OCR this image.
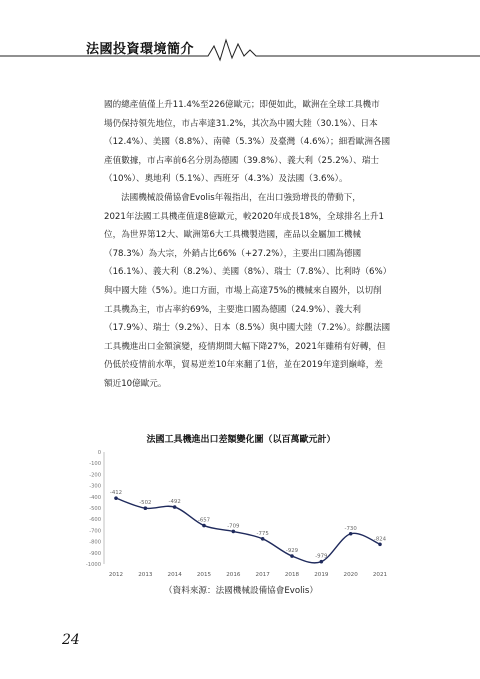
法國投資環境簡介

國的總產值僅上升11.4%至226億歐元；即便如此，歐洲在全球工具機市
場仍保持領先地位，市占率達31.2%，其次為中國大陸（30.1%）、日本
（12.4%）、美國（8.8%）、南韓（5.3%）及臺灣（4.6%）；細看歐洲各國
產值數據，市占率前6名分別為德國（39.8%）、義大利（25.2%）、瑞士
（10%）、奧地利（5.1%）、西班牙（4.3%）及法國（3.6%）。

法國機械設備協會Evolis年報指出，在出口強勁增長的帶動下，
2021年法國工具機產值達8億歐元，較2020年成長18%，全球排名上升1
位，為世界第12大、歐洲第6大工具機製造國，產品以金屬加工機械
（78.3%）為大宗，外銷占比66%（+27.2%），主要出口國為德國
（16.1%）、義大利（8.2%）、美國（8%）、瑞士（7.8%）、比利時（6%）
與中國大陸（5%）。進口方面，市場上高達75%的機械來自國外，以切削
工具機為主，市占率約69%，主要進口國為德國（24.9%）、義大利
（17.9%）、瑞士（9.2%）、日本（8.5%）與中國大陸（7.2%）。綜觀法國
工具機進出口金額演變，疫情期間大幅下降27%，2021年雖稍有好轉，但
仍低於疫情前水準，貿易逆差10年來翻了1倍，並在2019年達到巔峰，差
額近10億歐元。

法國工具機進出口差額變化圖（以百萬歐元計）
0
-100
-200
-300
-400
-500
-600
-700
-800
-900
-1000
2012	2013	2014	2015	2016	2017	2018	2019	2020	2021
-412
-502	-492
-657
-709
-775
-929
-979
-730
-824
（資料來源：法國機械設備協會Evolis）
24
